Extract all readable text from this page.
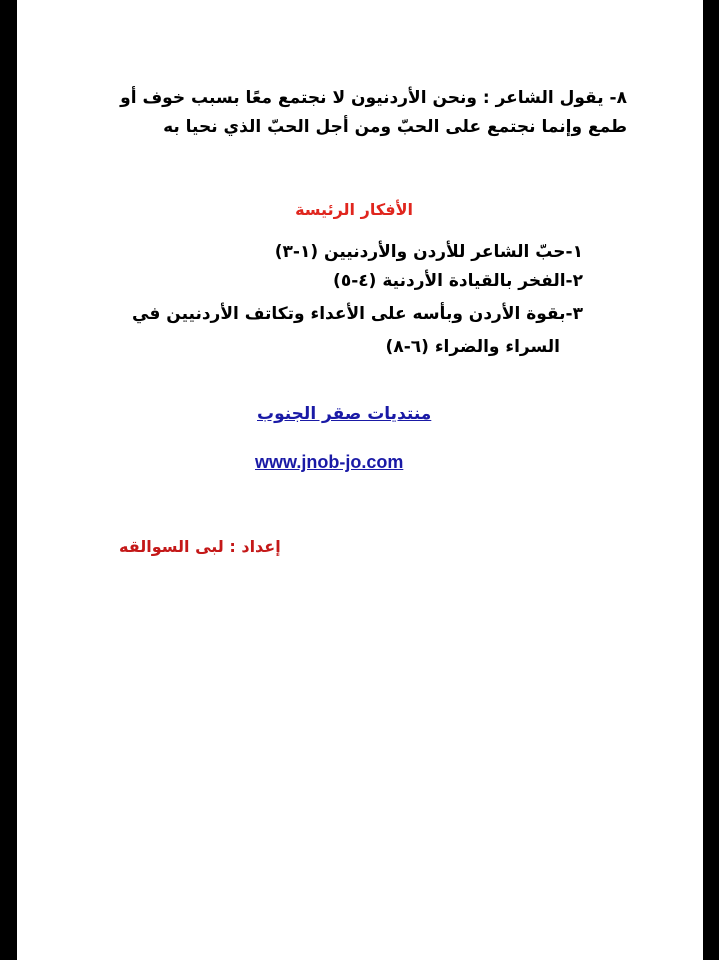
٨- يقول الشاعر : ونحن الأردنيون لا نجتمع معًا بسبب خوف أو
طمع وإنما نجتمع على الحبّ ومن أجل الحبّ الذي نحيا به
الأفكار الرئيسة
١-حبّ الشاعر للأردن والأردنيين (١-٣)
٢-الفخر بالقيادة الأردنية (٤-٥)
٣-بقوة الأردن وبأسه على الأعداء وتكاتف الأردنيين في
السراء والضراء (٦-٨)
منتديات صقر الجنوب
www.jnob-jo.com
إعداد : لبى السوالقه
